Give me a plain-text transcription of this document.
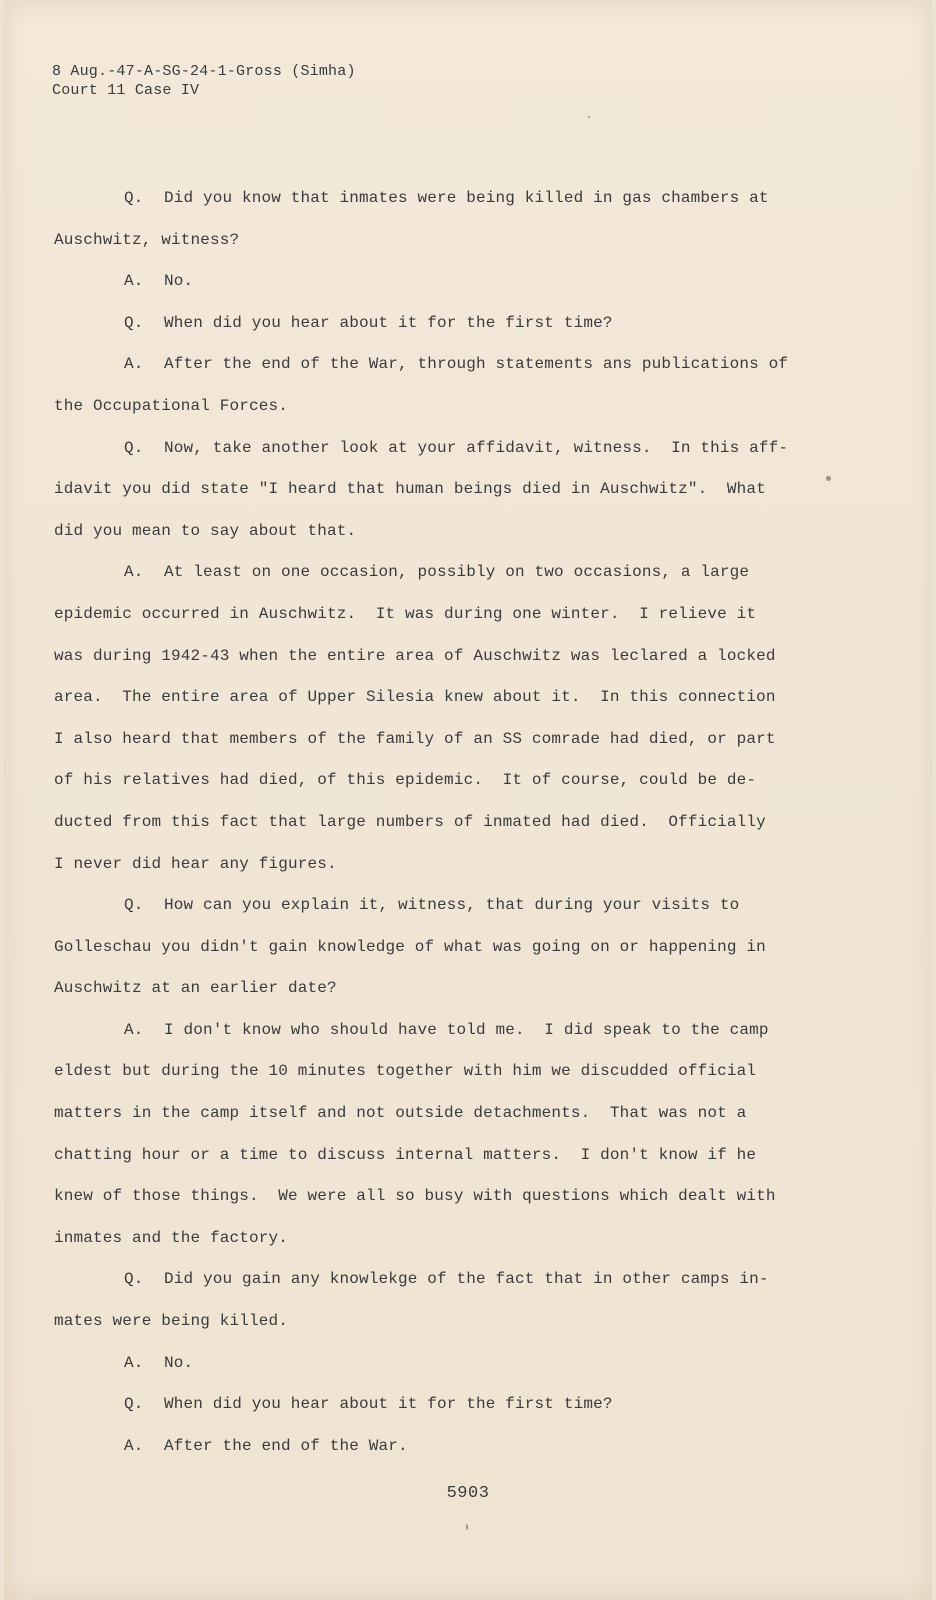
8 Aug.-47-A-SG-24-1-Gross (Simha)
Court 11 Case IV
Q. Did you know that inmates were being killed in gas chambers at
Auschwitz, witness?
A. No.
Q. When did you hear about it for the first time?
A. After the end of the War, through statements ans publications of
the Occupational Forces.
Q. Now, take another look at your affidavit, witness.  In this aff-
idavit you did state "I heard that human beings died in Auschwitz".  What
did you mean to say about that.
A. At least on one occasion, possibly on two occasions, a large
epidemic occurred in Auschwitz.  It was during one winter.  I relieve it
was during 1942-43 when the entire area of Auschwitz was leclared a locked
area.  The entire area of Upper Silesia knew about it.  In this connection
I also heard that members of the family of an SS comrade had died, or part
of his relatives had died, of this epidemic.  It of course, could be de-
ducted from this fact that large numbers of inmated had died.  Officially
I never did hear any figures.
Q. How can you explain it, witness, that during your visits to
Golleschau you didn't gain knowledge of what was going on or happening in
Auschwitz at an earlier date?
A. I don't know who should have told me.  I did speak to the camp
eldest but during the 10 minutes together with him we discudded official
matters in the camp itself and not outside detachments.  That was not a
chatting hour or a time to discuss internal matters.  I don't know if he
knew of those things.  We were all so busy with questions which dealt with
inmates and the factory.
Q. Did you gain any knowlekge of the fact that in other camps in-
mates were being killed.
A. No.
Q. When did you hear about it for the first time?
A. After the end of the War.
5903
